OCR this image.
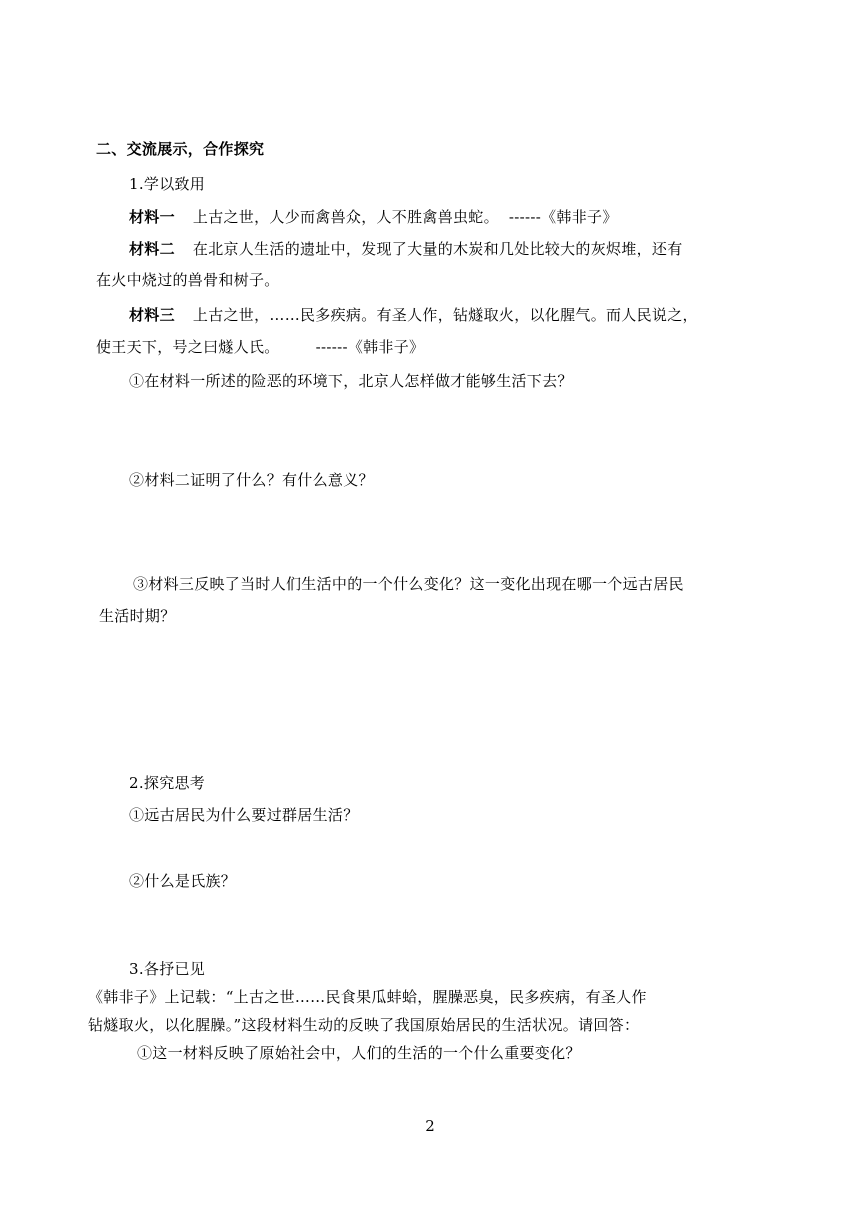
二、交流展示，合作探究
1.学以致用
材料一 上古之世，人少而禽兽众，人不胜禽兽虫蛇。 ------《韩非子》
材料二 在北京人生活的遗址中，发现了大量的木炭和几处比较大的灰烬堆，还有
在火中烧过的兽骨和树子。
材料三 上古之世，……民多疾病。有圣人作，钻燧取火，以化腥气。而人民说之，
使王天下，号之曰燧人氏。 ------《韩非子》
①在材料一所述的险恶的环境下，北京人怎样做才能够生活下去？
②材料二证明了什么？有什么意义？
③材料三反映了当时人们生活中的一个什么变化？这一变化出现在哪一个远古居民
生活时期？
2.探究思考
①远古居民为什么要过群居生活？
②什么是氏族？
3.各抒已见
《韩非子》上记载：“上古之世……民食果瓜蚌蛤，腥臊恶臭，民多疾病，有圣人作
钻燧取火，以化腥臊。”这段材料生动的反映了我国原始居民的生活状况。请回答：
①这一材料反映了原始社会中，人们的生活的一个什么重要变化？
2
